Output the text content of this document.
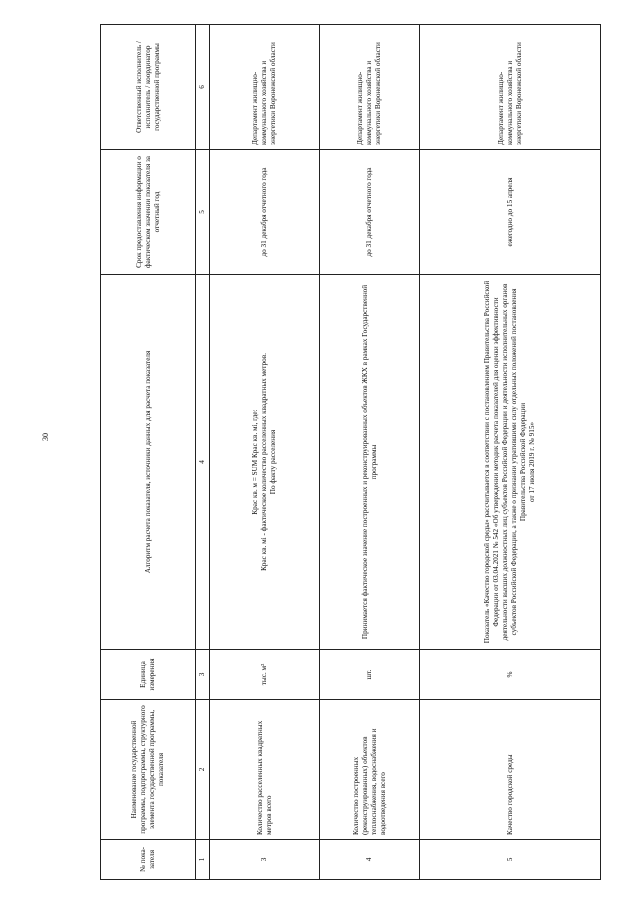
30
№ пока-
зателя	Наименование государственной программы, подпрограммы, структурного элемента государственной программы, показателя	Единица измерения	Алгоритм расчета показателя, источники данных для расчета показателя	Срок предоставления информации о фактическом значении показателя за отчетный год	Ответственный исполнитель / исполнитель / координатор государственной программы
1	2	3	4	5	6
3	Количество расселенных квадратных метров всего	тыс. м²	Крас кв. м = SUM Крас кв. мi, где: Крас кв. мi - фактическое количество расселенных квадратных метров. По факту расселения	до 31 декабря отчетного года	Департамент жилищно-коммунального хозяйства и энергетики Воронежской области
4	Количество построенных (реконструированных) объектов теплоснабжения, водоснабжения и водоотведения всего	шт.	Принимается фактическое значение построенных и реконструированных объектов ЖКХ в рамках Государственной программы	до 31 декабря отчетного года	Департамент жилищно-коммунального хозяйства и энергетики Воронежской области
5	Качество городской среды	%	Показатель «Качество городской среды» рассчитывается в соответствии с постановлением Правительства Российской Федерации от 03.04.2021 № 542 «Об утверждении методик расчета показателей для оценки эффективности деятельности высших должностных лиц субъектов Российской Федерации и деятельности исполнительных органов субъектов Российской Федерации, а также о признании утратившими силу отдельных положений постановления Правительства Российской Федерации от 17 июля 2019 г. № 915»	ежегодно до 15 апреля	Департамент жилищно-коммунального хозяйства и энергетики Воронежской области
